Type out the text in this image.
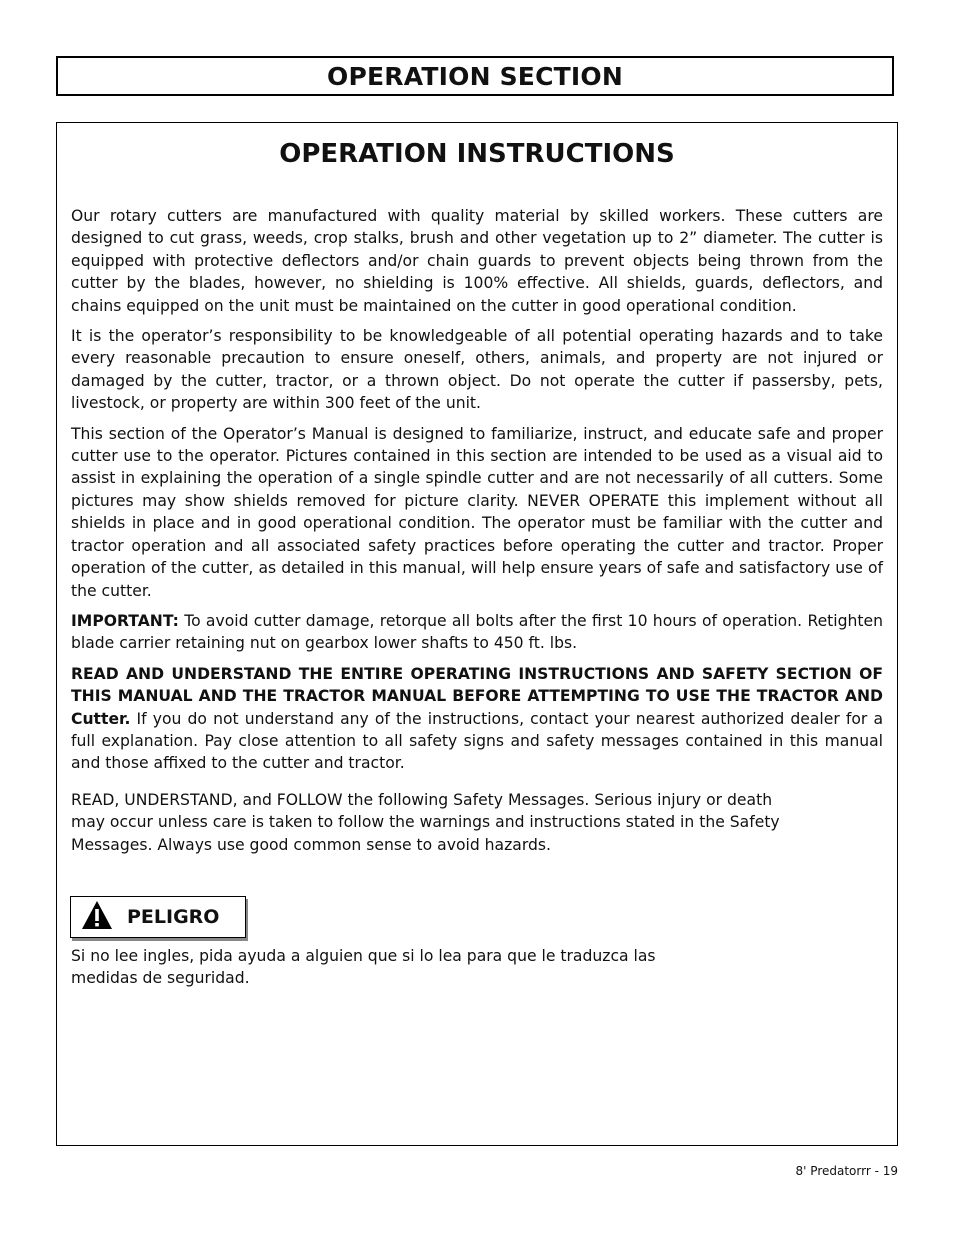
OPERATION SECTION
OPERATION INSTRUCTIONS

Our rotary cutters are manufactured with quality material by skilled workers. These cutters are designed to cut grass, weeds, crop stalks, brush and other vegetation up to 2” diameter. The cutter is equipped with protective deflectors and/or chain guards to prevent objects being thrown from the cutter by the blades, however, no shielding is 100% effective. All shields, guards, deflectors, and chains equipped on the unit must be maintained on the cutter in good operational condition.

It is the operator’s responsibility to be knowledgeable of all potential operating hazards and to take every reasonable precaution to ensure oneself, others, animals, and property are not injured or damaged by the cutter, tractor, or a thrown object. Do not operate the cutter if passersby, pets, livestock, or property are within 300 feet of the unit.

This section of the Operator’s Manual is designed to familiarize, instruct, and educate safe and proper cutter use to the operator. Pictures contained in this section are intended to be used as a visual aid to assist in explaining the operation of a single spindle cutter and are not necessarily of all cutters. Some pictures may show shields removed for picture clarity. NEVER OPERATE this implement without all shields in place and in good operational condition. The operator must be familiar with the cutter and tractor operation and all associated safety practices before operating the cutter and tractor. Proper operation of the cutter, as detailed in this manual, will help ensure years of safe and satisfactory use of the cutter.

IMPORTANT: To avoid cutter damage, retorque all bolts after the first 10 hours of operation. Retighten blade carrier retaining nut on gearbox lower shafts to 450 ft. lbs.

READ AND UNDERSTAND THE ENTIRE OPERATING INSTRUCTIONS AND SAFETY SECTION OF THIS MANUAL AND THE TRACTOR MANUAL BEFORE ATTEMPTING TO USE THE TRACTOR AND Cutter. If you do not understand any of the instructions, contact your nearest authorized dealer for a full explanation. Pay close attention to all safety signs and safety messages contained in this manual and those affixed to the cutter and tractor.

READ, UNDERSTAND, and FOLLOW the following Safety Messages. Serious injury or death may occur unless care is taken to follow the warnings and instructions stated in the Safety Messages. Always use good common sense to avoid hazards.

PELIGRO
Si no lee ingles, pida ayuda a alguien que si lo lea para que le traduzca las medidas de seguridad.
8' Predatorrr - 19
